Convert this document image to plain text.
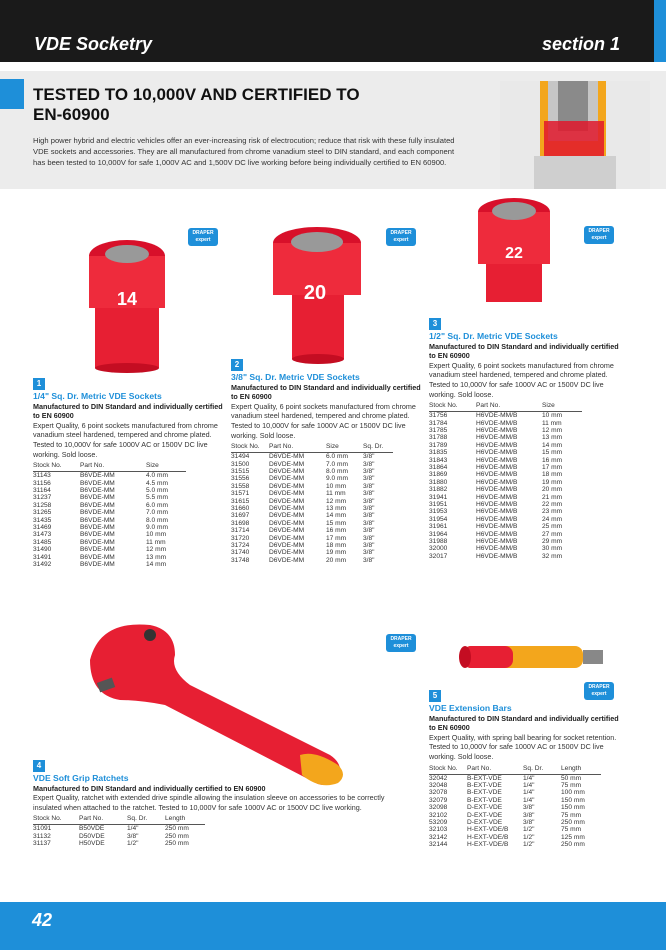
VDE Socketry	section 1
TESTED TO 10,000V AND CERTIFIED TO EN-60900

High power hybrid and electric vehicles offer an ever-increasing risk of electrocution; reduce that risk with these fully insulated VDE sockets and accessories. They are all manufactured from chrome vanadium steel to DIN standard, and each component has been tested to 10,000V for safe 1,000V AC and 1,500V DC live working before being individually certified to EN 60900.

14	20
22
DRAPER
expert
DRAPER
expert
DRAPER
expert
DRAPER
expert
DRAPER
expert
1
1/4" Sq. Dr. Metric VDE Sockets
Manufactured to DIN Standard and individually certified to EN 60900
Expert Quality, 6 point sockets manufactured from chrome vanadium steel hardened, tempered and chrome plated. Tested to 10,000V for safe 1000V AC or 1500V DC live working. Sold loose.
Stock No.	Part No.	Size
31143	B6VDE-MM	4.0 mm
31156	B6VDE-MM	4.5 mm
31164	B6VDE-MM	5.0 mm
31237	B6VDE-MM	5.5 mm
31258	B6VDE-MM	6.0 mm
31265	B6VDE-MM	7.0 mm
31435	B6VDE-MM	8.0 mm
31469	B6VDE-MM	9.0 mm
31473	B6VDE-MM	10 mm
31485	B6VDE-MM	11 mm
31490	B6VDE-MM	12 mm
31491	B6VDE-MM	13 mm
31492	B6VDE-MM	14 mm
2
3/8" Sq. Dr. Metric VDE Sockets
Manufactured to DIN Standard and individually certified to EN 60900
Expert Quality, 6 point sockets manufactured from chrome vanadium steel hardened, tempered and chrome plated. Tested to 10,000V for safe 1000V AC or 1500V DC live working. Sold loose.
Stock No.	Part No.	Size	Sq. Dr.
31494	D6VDE-MM	6.0 mm	3/8"
31500	D6VDE-MM	7.0 mm	3/8"
31515	D6VDE-MM	8.0 mm	3/8"
31556	D6VDE-MM	9.0 mm	3/8"
31558	D6VDE-MM	10 mm	3/8"
31571	D6VDE-MM	11 mm	3/8"
31615	D6VDE-MM	12 mm	3/8"
31660	D6VDE-MM	13 mm	3/8"
31697	D6VDE-MM	14 mm	3/8"
31698	D6VDE-MM	15 mm	3/8"
31714	D6VDE-MM	16 mm	3/8"
31720	D6VDE-MM	17 mm	3/8"
31724	D6VDE-MM	18 mm	3/8"
31740	D6VDE-MM	19 mm	3/8"
31748	D6VDE-MM	20 mm	3/8"
3
1/2" Sq. Dr. Metric VDE Sockets
Manufactured to DIN Standard and individually certified to EN 60900
Expert Quality, 6 point sockets manufactured from chrome vanadium steel hardened, tempered and chrome plated. Tested to 10,000V for safe 1000V AC or 1500V DC live working. Sold loose.
Stock No.	Part No.	Size
31756	H6VDE-MM/B	10 mm
31784	H6VDE-MM/B	11 mm
31785	H6VDE-MM/B	12 mm
31788	H6VDE-MM/B	13 mm
31789	H6VDE-MM/B	14 mm
31835	H6VDE-MM/B	15 mm
31843	H6VDE-MM/B	16 mm
31864	H6VDE-MM/B	17 mm
31869	H6VDE-MM/B	18 mm
31880	H6VDE-MM/B	19 mm
31882	H6VDE-MM/B	20 mm
31941	H6VDE-MM/B	21 mm
31951	H6VDE-MM/B	22 mm
31953	H6VDE-MM/B	23 mm
31954	H6VDE-MM/B	24 mm
31961	H6VDE-MM/B	25 mm
31964	H6VDE-MM/B	27 mm
31988	H6VDE-MM/B	29 mm
32000	H6VDE-MM/B	30 mm
32017	H6VDE-MM/B	32 mm
4
VDE Soft Grip Ratchets
Manufactured to DIN Standard and individually certified to EN 60900
Expert Quality, ratchet with extended drive spindle allowing the insulation sleeve on accessories to be correctly insulated when attached to the ratchet. Tested to 10,000V for safe 1000V AC or 1500V DC live working.
Stock No.	Part No.	Sq. Dr.	Length
31091	B50VDE	1/4"	250 mm
31132	D50VDE	3/8"	250 mm
31137	H50VDE	1/2"	250 mm
5
VDE Extension Bars
Manufactured to DIN Standard and individually certified to EN 60900
Expert Quality, with spring ball bearing for socket retention. Tested to 10,000V for safe 1000V AC or 1500V DC live working. Sold loose.
Stock No.	Part No.	Sq. Dr.	Length
32042	B-EXT-VDE	1/4"	50 mm
32048	B-EXT-VDE	1/4"	75 mm
32078	B-EXT-VDE	1/4"	100 mm
32079	B-EXT-VDE	1/4"	150 mm
32098	D-EXT-VDE	3/8"	150 mm
32102	D-EXT-VDE	3/8"	75 mm
53209	D-EXT-VDE	3/8"	250 mm
32103	H-EXT-VDE/B	1/2"	75 mm
32142	H-EXT-VDE/B	1/2"	125 mm
32144	H-EXT-VDE/B	1/2"	250 mm
42
